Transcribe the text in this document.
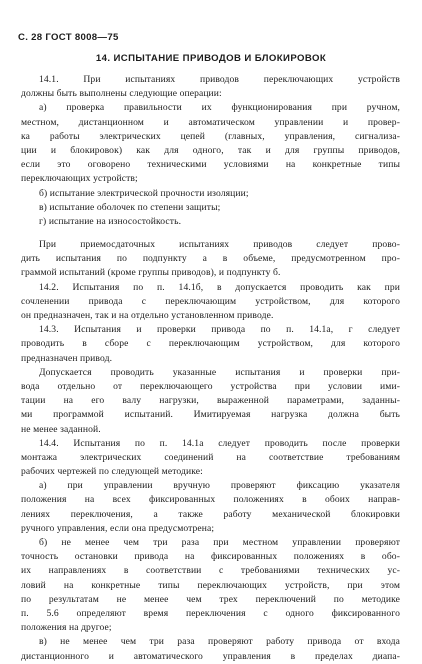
С. 28 ГОСТ 8008—75
14. ИСПЫТАНИЕ ПРИВОДОВ И БЛОКИРОВОК
14.1. При испытаниях приводов переключающих устройств
должны быть выполнены следующие операции:
а) проверка правильности их функционирования при ручном,
местном, дистанционном и автоматическом управлении и провер-
ка работы электрических цепей (главных, управления, сигнализа-
ции и блокировок) как для одного, так и для группы приводов,
если это оговорено техническими условиями на конкретные типы
переключающих устройств;
б) испытание электрической прочности изоляции;
в) испытание оболочек по степени защиты;
г) испытание на износостойкость.
При приемосдаточных испытаниях приводов следует прово-
дить испытания по подпункту а в объеме, предусмотренном про-
граммой испытаний (кроме группы приводов), и подпункту б.
14.2. Испытания по п. 14.1б, в допускается проводить как при
сочленении привода с переключающим устройством, для которого
он предназначен, так и на отдельно установленном приводе.
14.3. Испытания и проверки привода по п. 14.1а, г следует
проводить в сборе с переключающим устройством, для которого
предназначен привод.
Допускается проводить указанные испытания и проверки при-
вода отдельно от переключающего устройства при условии ими-
тации на его валу нагрузки, выраженной параметрами, заданны-
ми программой испытаний. Имитируемая нагрузка должна быть
не менее заданной.
14.4. Испытания по п. 14.1а следует проводить после проверки
монтажа электрических соединений на соответствие требованиям
рабочих чертежей по следующей методике:
а) при управлении вручную проверяют фиксацию указателя
положения на всех фиксированных положениях в обоих направ-
лениях переключения, а также работу механической блокировки
ручного управления, если она предусмотрена;
б) не менее чем три раза при местном управлении проверяют
точность остановки привода на фиксированных положениях в обо-
их направлениях в соответствии с требованиями технических ус-
ловий на конкретные типы переключающих устройств, при этом
по результатам не менее чем трех переключений по методике
п. 5.6 определяют время переключения с одного фиксированного
положения на другое;
в) не менее чем три раза проверяют работу привода от входа
дистанционного и автоматического управления в пределах диапа-
